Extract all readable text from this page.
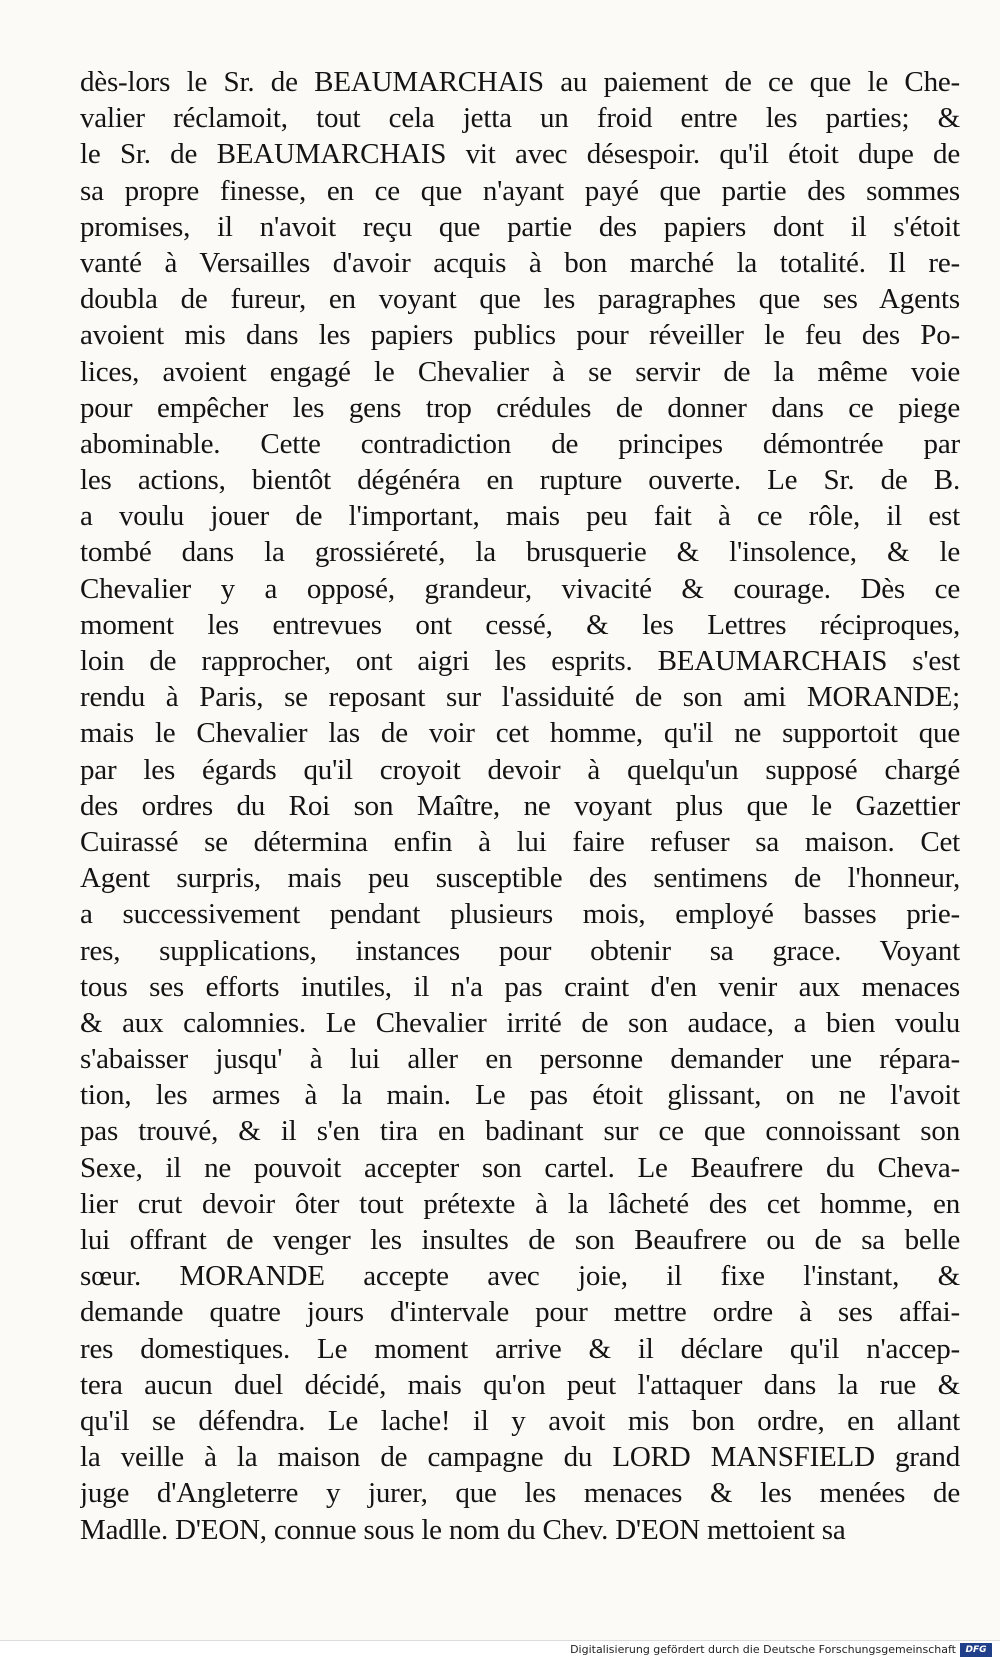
dès-lors le Sr. de BEAUMARCHAIS au paiement de ce que le Che-
valier réclamoit, tout cela jetta un froid entre les parties; &
le Sr. de BEAUMARCHAIS vit avec désespoir. qu'il étoit dupe de
sa propre finesse, en ce que n'ayant payé que partie des sommes
promises, il n'avoit reçu que partie des papiers dont il s'étoit
vanté à Versailles d'avoir acquis à bon marché la totalité. Il re-
doubla de fureur, en voyant que les paragraphes que ses Agents
avoient mis dans les papiers publics pour réveiller le feu des Po-
lices, avoient engagé le Chevalier à se servir de la même voie
pour empêcher les gens trop crédules de donner dans ce piege
abominable. Cette contradiction de principes démontrée par
les actions, bientôt dégénéra en rupture ouverte. Le Sr. de B.
a voulu jouer de l'important, mais peu fait à ce rôle, il est
tombé dans la grossiéreté, la brusquerie & l'insolence, & le
Chevalier y a opposé, grandeur, vivacité & courage. Dès ce
moment les entrevues ont cessé, & les Lettres réciproques,
loin de rapprocher, ont aigri les esprits. BEAUMARCHAIS s'est
rendu à Paris, se reposant sur l'assiduité de son ami MORANDE;
mais le Chevalier las de voir cet homme, qu'il ne supportoit que
par les égards qu'il croyoit devoir à quelqu'un supposé chargé
des ordres du Roi son Maître, ne voyant plus que le Gazettier
Cuirassé se détermina enfin à lui faire refuser sa maison. Cet
Agent surpris, mais peu susceptible des sentimens de l'honneur,
a successivement pendant plusieurs mois, employé basses prie-
res, supplications, instances pour obtenir sa grace. Voyant
tous ses efforts inutiles, il n'a pas craint d'en venir aux menaces
& aux calomnies. Le Chevalier irrité de son audace, a bien voulu
s'abaisser jusqu' à lui aller en personne demander une répara-
tion, les armes à la main. Le pas étoit glissant, on ne l'avoit
pas trouvé, & il s'en tira en badinant sur ce que connoissant son
Sexe, il ne pouvoit accepter son cartel. Le Beaufrere du Cheva-
lier crut devoir ôter tout prétexte à la lâcheté des cet homme, en
lui offrant de venger les insultes de son Beaufrere ou de sa belle
sœur. MORANDE accepte avec joie, il fixe l'instant, &
demande quatre jours d'intervale pour mettre ordre à ses affai-
res domestiques. Le moment arrive & il déclare qu'il n'accep-
tera aucun duel décidé, mais qu'on peut l'attaquer dans la rue &
qu'il se défendra. Le lache! il y avoit mis bon ordre, en allant
la veille à la maison de campagne du LORD MANSFIELD grand
juge d'Angleterre y jurer, que les menaces & les menées de
Madlle. D'EON, connue sous le nom du Chev. D'EON mettoient sa
Digitalisierung gefördert durch die Deutsche Forschungsgemeinschaft	DFG
